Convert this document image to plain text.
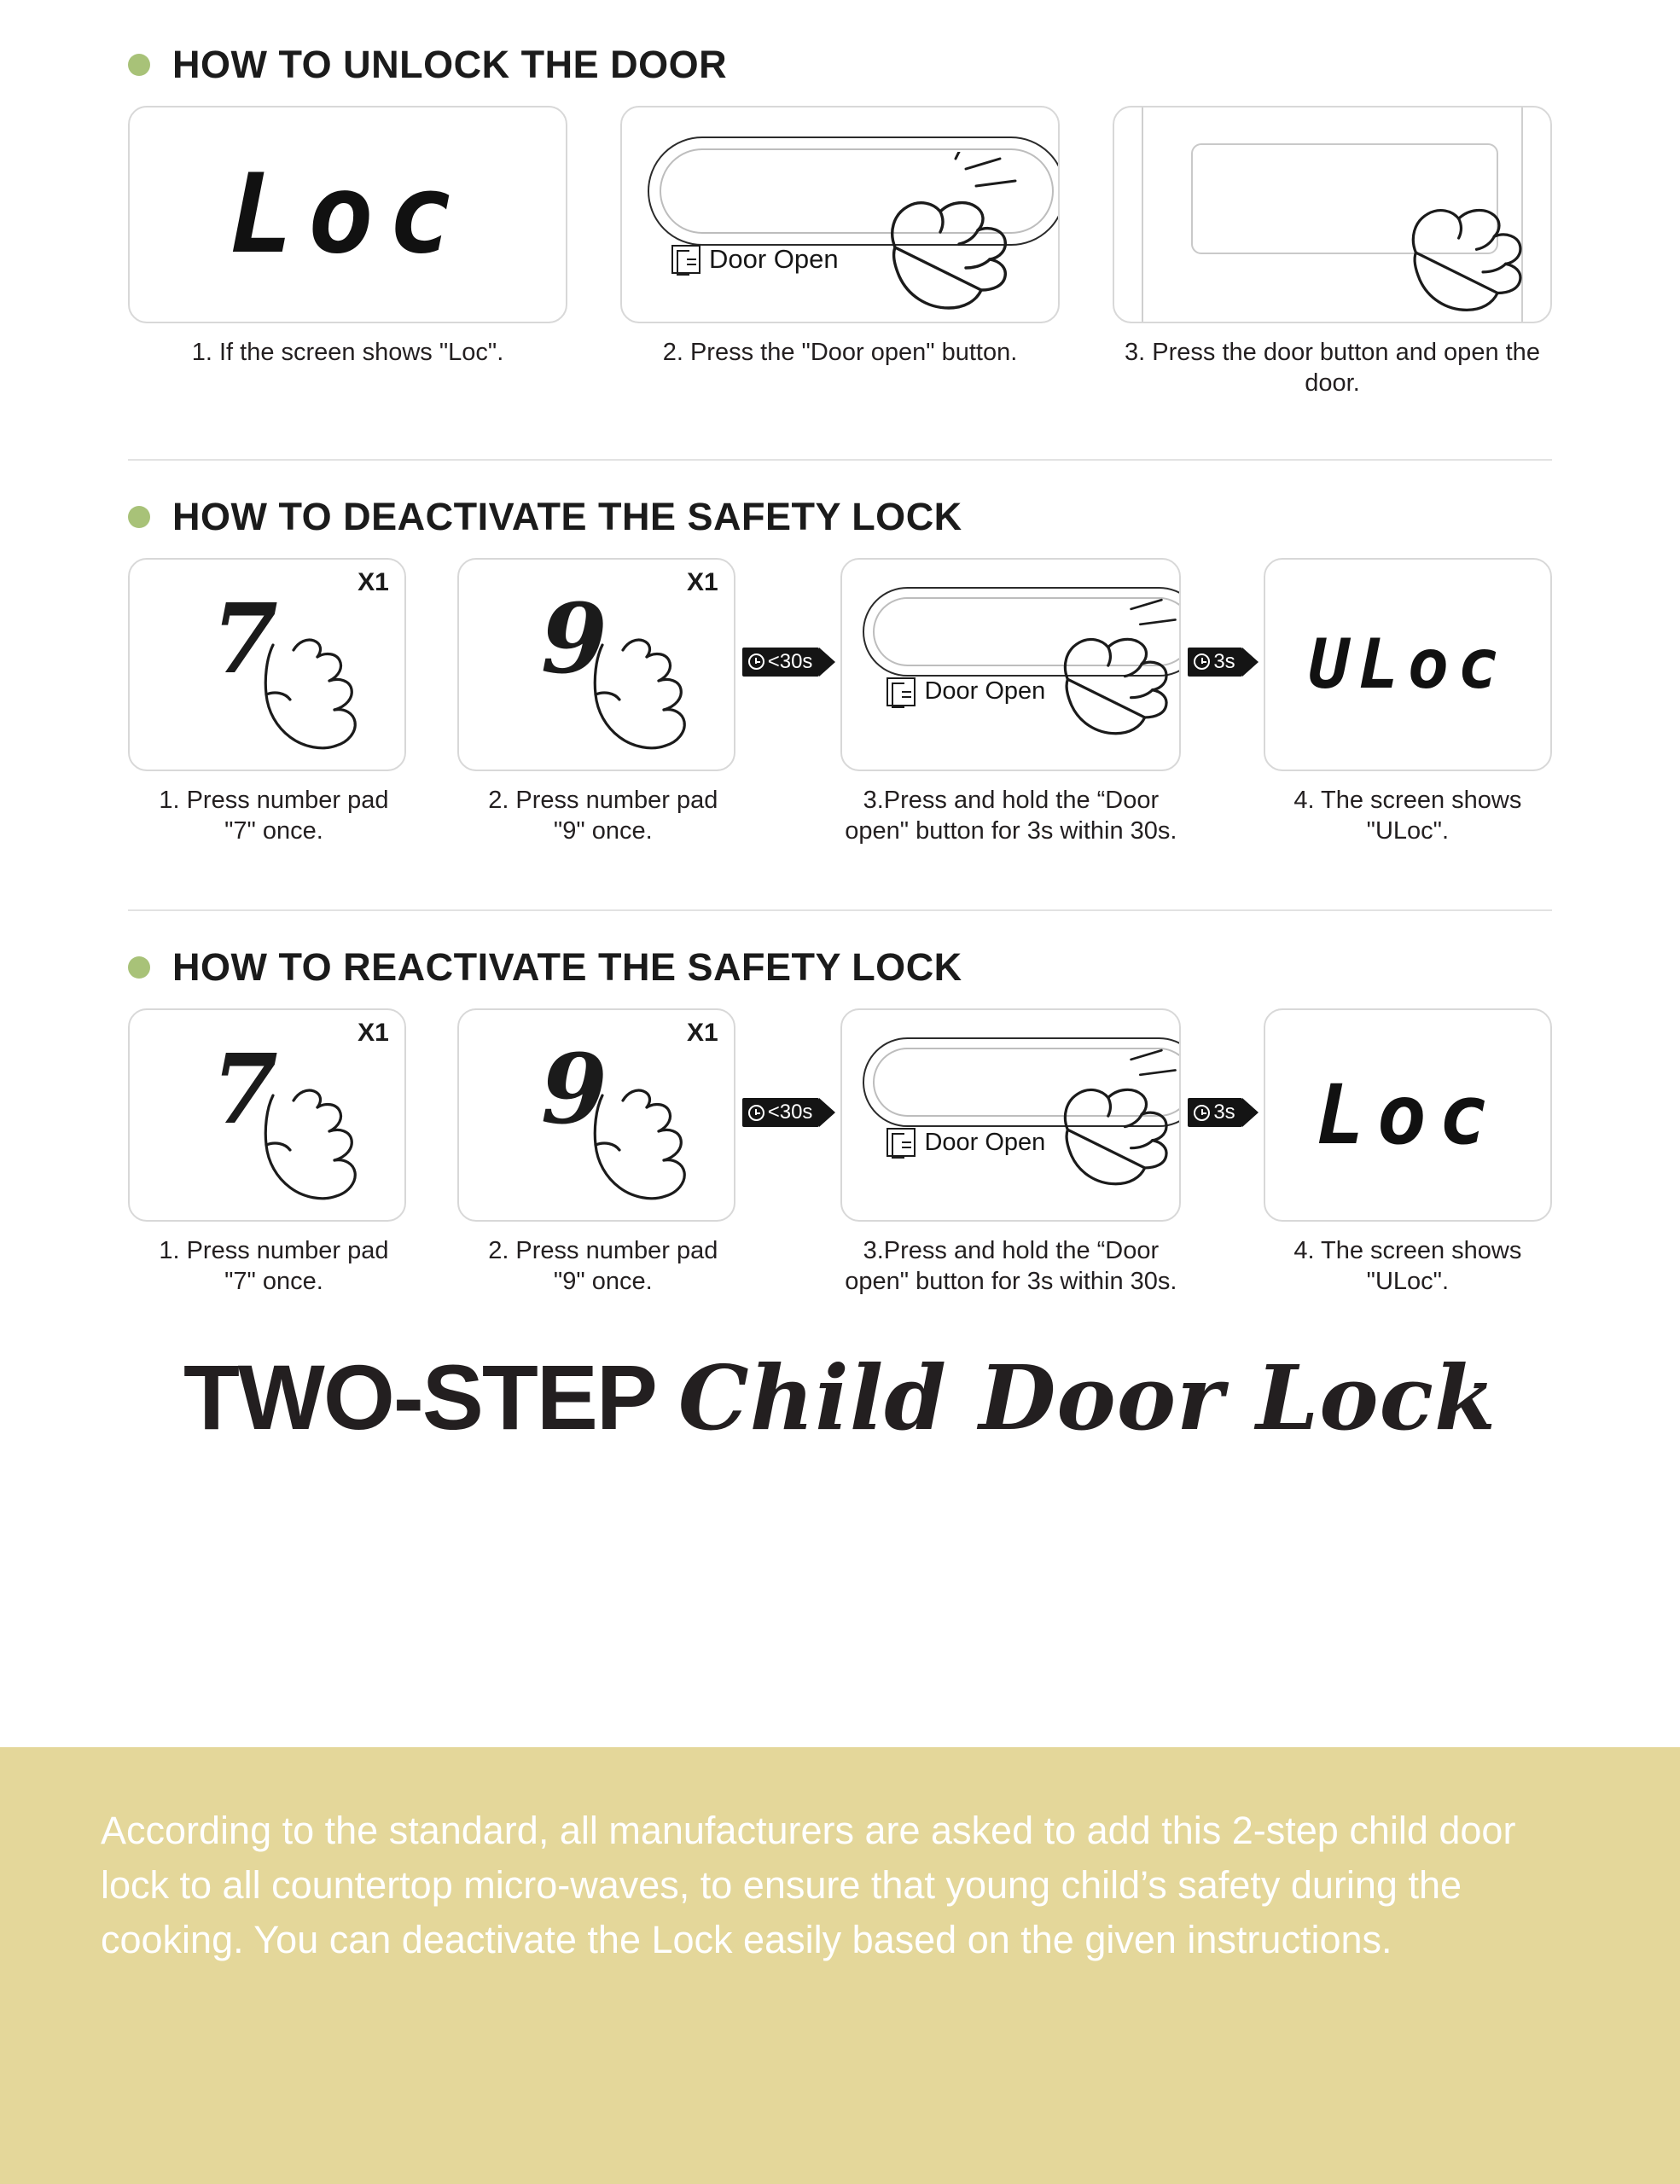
HOW TO UNLOCK THE DOOR
Loc
1. If the screen shows "Loc".
Door Open
2. Press the "Door open" button.	3. Press the door button and open the door.
HOW TO DEACTIVATE THE SAFETY LOCK
X1
7
1. Press number pad "7" once.
X1
9
2. Press number pad "9" once.
<30s
Door Open
3.Press and hold the “Door open" button for 3s within 30s.
3s	ULoc
4. The screen shows "ULoc".
HOW TO REACTIVATE THE SAFETY LOCK
X1
7
1. Press number pad "7" once.
X1
9
2. Press number pad "9" once.
<30s
Door Open
3.Press and hold the “Door open" button for 3s within 30s.
3s Loc
4. The screen shows "ULoc".
TWO-STEP Child Door Lock

According to the standard, all manufacturers are asked to add this 2-step child door lock to all countertop micro-waves, to ensure that young child’s safety during the cooking. You can deactivate the Lock easily based on the given instructions.
